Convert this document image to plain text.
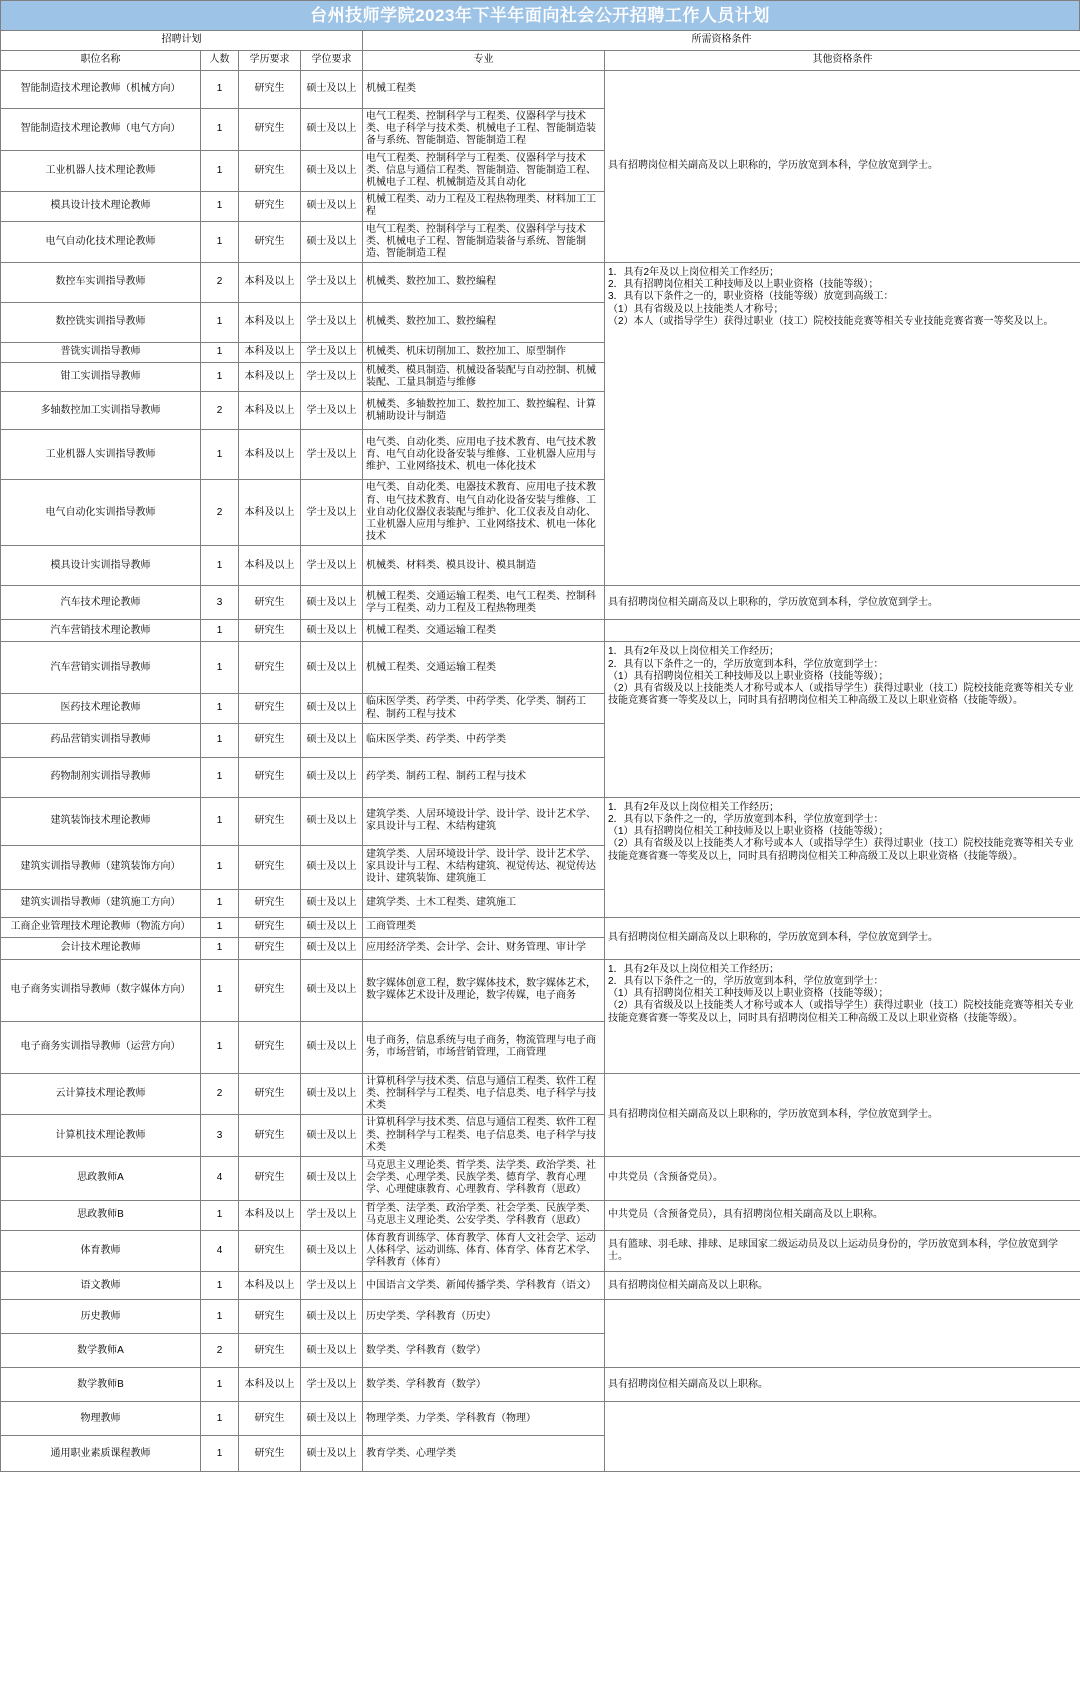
台州技师学院2023年下半年面向社会公开招聘工作人员计划
招聘计划				所需资格条件	
职位名称	人数	学历要求	学位要求	专业	其他资格条件
智能制造技术理论教师（机械方向）	1	研究生	硕士及以上	机械工程类	具有招聘岗位相关副高及以上职称的，学历放宽到本科，学位放宽到学士。
智能制造技术理论教师（电气方向）	1	研究生	硕士及以上	电气工程类、控制科学与工程类、仪器科学与技术类、电子科学与技术类、机械电子工程、智能制造装备与系统、智能制造、智能制造工程	
工业机器人技术理论教师	1	研究生	硕士及以上	电气工程类、控制科学与工程类、仪器科学与技术类、信息与通信工程类、智能制造、智能制造工程、机械电子工程、机械制造及其自动化	
模具设计技术理论教师	1	研究生	硕士及以上	机械工程类、动力工程及工程热物理类、材料加工工程	
电气自动化技术理论教师	1	研究生	硕士及以上	电气工程类、控制科学与工程类、仪器科学与技术类、机械电子工程、智能制造装备与系统、智能制造、智能制造工程	
数控车实训指导教师	2	本科及以上	学士及以上	机械类、数控加工、数控编程	1．具有2年及以上岗位相关工作经历；
2．具有招聘岗位相关工种技师及以上职业资格（技能等级）；
3．具有以下条件之一的，职业资格（技能等级）放宽到高级工：
（1）具有省级及以上技能类人才称号；
（2）本人（或指导学生）获得过职业（技工）院校技能竞赛等相关专业技能竞赛省赛一等奖及以上。

数控铣实训指导教师	1	本科及以上	学士及以上	机械类、数控加工、数控编程	
普铣实训指导教师	1	本科及以上	学士及以上	机械类、机床切削加工、数控加工、原型制作	
钳工实训指导教师	1	本科及以上	学士及以上	机械类、模具制造、机械设备装配与自动控制、机械装配、工量具制造与维修	
多轴数控加工实训指导教师	2	本科及以上	学士及以上	机械类、多轴数控加工、数控加工、数控编程、计算机辅助设计与制造	
工业机器人实训指导教师	1	本科及以上	学士及以上	电气类、自动化类、应用电子技术教育、电气技术教育、电气自动化设备安装与维修、工业机器人应用与维护、工业网络技术、机电一体化技术	
电气自动化实训指导教师	2	本科及以上	学士及以上	电气类、自动化类、电器技术教育、应用电子技术教育、电气技术教育、电气自动化设备安装与维修、工业自动化仪器仪表装配与维护、化工仪表及自动化、工业机器人应用与维护、工业网络技术、机电一体化技术	
模具设计实训指导教师	1	本科及以上	学士及以上	机械类、材料类、模具设计、模具制造	
汽车技术理论教师	3	研究生	硕士及以上	机械工程类、交通运输工程类、电气工程类、控制科学与工程类、动力工程及工程热物理类	具有招聘岗位相关副高及以上职称的，学历放宽到本科，学位放宽到学士。
汽车营销技术理论教师	1	研究生	硕士及以上	机械工程类、交通运输工程类	
汽车营销实训指导教师	1	研究生	硕士及以上	机械工程类、交通运输工程类	1．具有2年及以上岗位相关工作经历；
2．具有以下条件之一的，学历放宽到本科，学位放宽到学士：
（1）具有招聘岗位相关工种技师及以上职业资格（技能等级）；
（2）具有省级及以上技能类人才称号或本人（或指导学生）获得过职业（技工）院校技能竞赛等相关专业技能竞赛省赛一等奖及以上，同时具有招聘岗位相关工种高级工及以上职业资格（技能等级）。

医药技术理论教师	1	研究生	硕士及以上	临床医学类、药学类、中药学类、化学类、制药工程、制药工程与技术	
药品营销实训指导教师	1	研究生	硕士及以上	临床医学类、药学类、中药学类	
药物制剂实训指导教师	1	研究生	硕士及以上	药学类、制药工程、制药工程与技术	
建筑装饰技术理论教师	1	研究生	硕士及以上	建筑学类、人居环境设计学、设计学、设计艺术学、家具设计与工程、木结构建筑	1．具有2年及以上岗位相关工作经历；
2．具有以下条件之一的，学历放宽到本科，学位放宽到学士：
（1）具有招聘岗位相关工种技师及以上职业资格（技能等级）；
（2）具有省级及以上技能类人才称号或本人（或指导学生）获得过职业（技工）院校技能竞赛等相关专业技能竞赛省赛一等奖及以上，同时具有招聘岗位相关工种高级工及以上职业资格（技能等级）。

建筑实训指导教师（建筑装饰方向）	1	研究生	硕士及以上	建筑学类、人居环境设计学、设计学、设计艺术学、家具设计与工程、木结构建筑、视觉传达、视觉传达设计、建筑装饰、建筑施工	
建筑实训指导教师（建筑施工方向）	1	研究生	硕士及以上	建筑学类、土木工程类、建筑施工	
工商企业管理技术理论教师（物流方向）	1	研究生	硕士及以上	工商管理类	具有招聘岗位相关副高及以上职称的，学历放宽到本科，学位放宽到学士。
会计技术理论教师	1	研究生	硕士及以上	应用经济学类、会计学、会计、财务管理、审计学	
电子商务实训指导教师（数字媒体方向）	1	研究生	硕士及以上	数字媒体创意工程，数字媒体技术，数字媒体艺术，数字媒体艺术设计及理论，数字传媒，电子商务	1．具有2年及以上岗位相关工作经历；
2．具有以下条件之一的，学历放宽到本科，学位放宽到学士：
（1）具有招聘岗位相关工种技师及以上职业资格（技能等级）；
（2）具有省级及以上技能类人才称号或本人（或指导学生）获得过职业（技工）院校技能竞赛等相关专业技能竞赛省赛一等奖及以上，同时具有招聘岗位相关工种高级工及以上职业资格（技能等级）。

电子商务实训指导教师（运营方向）	1	研究生	硕士及以上	电子商务，信息系统与电子商务，物流管理与电子商务，市场营销，市场营销管理，工商管理	
云计算技术理论教师	2	研究生	硕士及以上	计算机科学与技术类、信息与通信工程类、软件工程类、控制科学与工程类、电子信息类、电子科学与技术类	具有招聘岗位相关副高及以上职称的，学历放宽到本科，学位放宽到学士。
计算机技术理论教师	3	研究生	硕士及以上	计算机科学与技术类、信息与通信工程类、软件工程类、控制科学与工程类、电子信息类、电子科学与技术类	
思政教师A	4	研究生	硕士及以上	马克思主义理论类、哲学类、法学类、政治学类、社会学类、心理学类、民族学类、德育学、教育心理学、心理健康教育、心理教育、学科教育（思政）	中共党员（含预备党员）。
思政教师B	1	本科及以上	学士及以上	哲学类、法学类、政治学类、社会学类、民族学类、马克思主义理论类、公安学类、学科教育（思政）	中共党员（含预备党员），具有招聘岗位相关副高及以上职称。
体育教师	4	研究生	硕士及以上	体育教育训练学、体育教学、体育人文社会学、运动人体科学、运动训练、体育、体育学、体育艺术学、学科教育（体育）	具有篮球、羽毛球、排球、足球国家二级运动员及以上运动员身份的，学历放宽到本科，学位放宽到学士。
语文教师	1	本科及以上	学士及以上	中国语言文学类、新闻传播学类、学科教育（语文）	具有招聘岗位相关副高及以上职称。
历史教师	1	研究生	硕士及以上	历史学类、学科教育（历史）	
数学教师A	2	研究生	硕士及以上	数学类、学科教育（数学）	
数学教师B	1	本科及以上	学士及以上	数学类、学科教育（数学）	具有招聘岗位相关副高及以上职称。
物理教师	1	研究生	硕士及以上	物理学类、力学类、学科教育（物理）	
通用职业素质课程教师	1	研究生	硕士及以上	教育学类、心理学类	
